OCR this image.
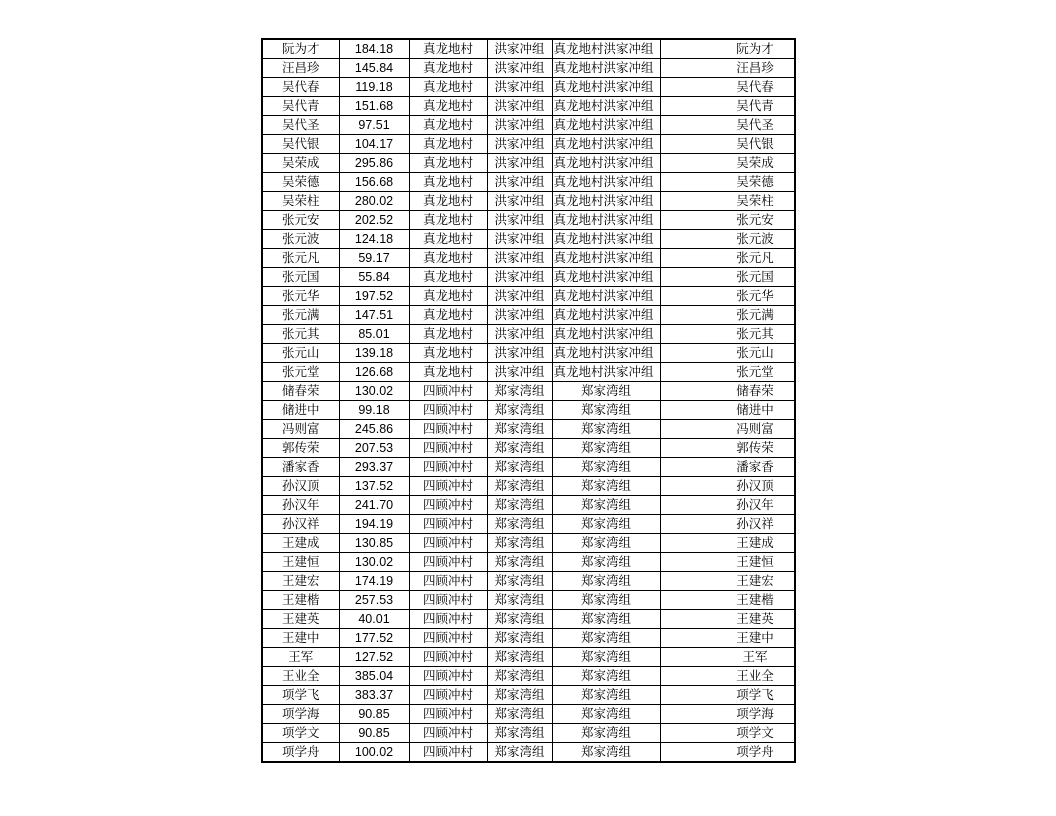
阮为才	184.18	真龙地村	洪家冲组	真龙地村洪家冲组		阮为才
汪昌珍	145.84	真龙地村	洪家冲组	真龙地村洪家冲组		汪昌珍
吴代春	119.18	真龙地村	洪家冲组	真龙地村洪家冲组		吴代春
吴代青	151.68	真龙地村	洪家冲组	真龙地村洪家冲组		吴代青
吴代圣	97.51	真龙地村	洪家冲组	真龙地村洪家冲组		吴代圣
吴代银	104.17	真龙地村	洪家冲组	真龙地村洪家冲组		吴代银
吴荣成	295.86	真龙地村	洪家冲组	真龙地村洪家冲组		吴荣成
吴荣德	156.68	真龙地村	洪家冲组	真龙地村洪家冲组		吴荣德
吴荣柱	280.02	真龙地村	洪家冲组	真龙地村洪家冲组		吴荣柱
张元安	202.52	真龙地村	洪家冲组	真龙地村洪家冲组		张元安
张元波	124.18	真龙地村	洪家冲组	真龙地村洪家冲组		张元波
张元凡	59.17	真龙地村	洪家冲组	真龙地村洪家冲组		张元凡
张元国	55.84	真龙地村	洪家冲组	真龙地村洪家冲组		张元国
张元华	197.52	真龙地村	洪家冲组	真龙地村洪家冲组		张元华
张元满	147.51	真龙地村	洪家冲组	真龙地村洪家冲组		张元满
张元其	85.01	真龙地村	洪家冲组	真龙地村洪家冲组		张元其
张元山	139.18	真龙地村	洪家冲组	真龙地村洪家冲组		张元山
张元堂	126.68	真龙地村	洪家冲组	真龙地村洪家冲组		张元堂
储春荣	130.02	四顾冲村	郑家湾组	郑家湾组		储春荣
储进中	99.18	四顾冲村	郑家湾组	郑家湾组		储进中
冯则富	245.86	四顾冲村	郑家湾组	郑家湾组		冯则富
郭传荣	207.53	四顾冲村	郑家湾组	郑家湾组		郭传荣
潘家香	293.37	四顾冲村	郑家湾组	郑家湾组		潘家香
孙汉顶	137.52	四顾冲村	郑家湾组	郑家湾组		孙汉顶
孙汉年	241.70	四顾冲村	郑家湾组	郑家湾组		孙汉年
孙汉祥	194.19	四顾冲村	郑家湾组	郑家湾组		孙汉祥
王建成	130.85	四顾冲村	郑家湾组	郑家湾组		王建成
王建恒	130.02	四顾冲村	郑家湾组	郑家湾组		王建恒
王建宏	174.19	四顾冲村	郑家湾组	郑家湾组		王建宏
王建楷	257.53	四顾冲村	郑家湾组	郑家湾组		王建楷
王建英	40.01	四顾冲村	郑家湾组	郑家湾组		王建英
王建中	177.52	四顾冲村	郑家湾组	郑家湾组		王建中
王军	127.52	四顾冲村	郑家湾组	郑家湾组		王军
王业全	385.04	四顾冲村	郑家湾组	郑家湾组		王业全
项学飞	383.37	四顾冲村	郑家湾组	郑家湾组		项学飞
项学海	90.85	四顾冲村	郑家湾组	郑家湾组		项学海
项学文	90.85	四顾冲村	郑家湾组	郑家湾组		项学文
项学舟	100.02	四顾冲村	郑家湾组	郑家湾组		项学舟
